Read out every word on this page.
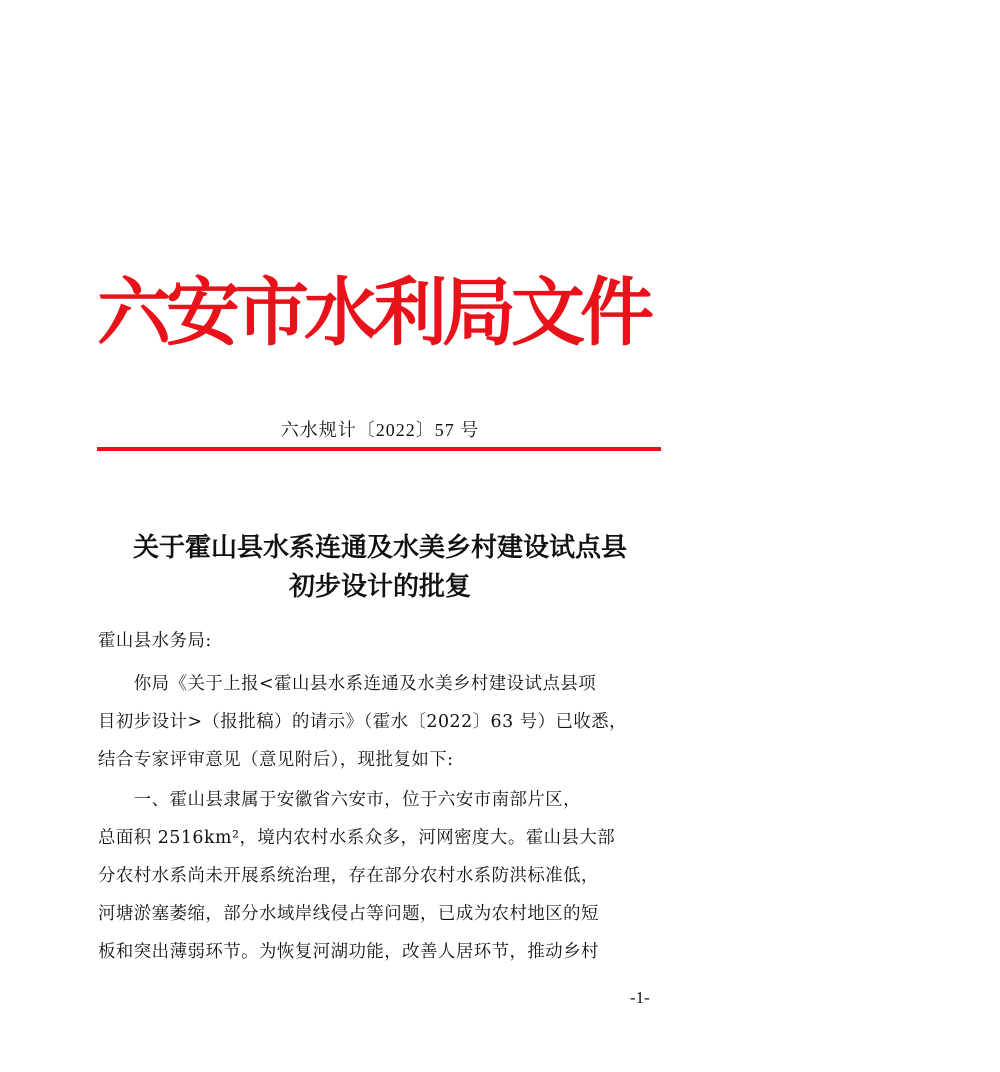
六安市水利局文件
六水规计〔2022〕57 号
关于霍山县水系连通及水美乡村建设试点县
初步设计的批复
霍山县水务局:
　　你局《关于上报<霍山县水系连通及水美乡村建设试点县项
目初步设计>（报批稿）的请示》（霍水〔2022〕63 号）已收悉，
结合专家评审意见（意见附后），现批复如下:
　　一、霍山县隶属于安徽省六安市，位于六安市南部片区，
总面积 2516km²，境内农村水系众多，河网密度大。霍山县大部
分农村水系尚未开展系统治理，存在部分农村水系防洪标准低，
河塘淤塞萎缩，部分水域岸线侵占等问题，已成为农村地区的短
板和突出薄弱环节。为恢复河湖功能，改善人居环节，推动乡村
-1-
